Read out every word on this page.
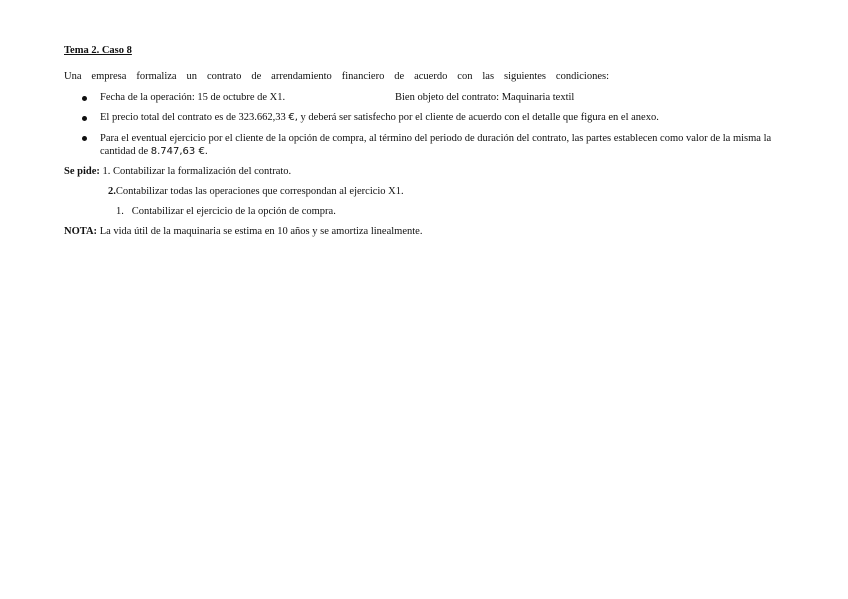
Tema 2. Caso 8
Una empresa formaliza un contrato de arrendamiento financiero de acuerdo con las siguientes condiciones:
Fecha de la operación: 15 de octubre de X1.	Bien objeto del contrato: Maquinaria textil
El precio total del contrato es de 323.662,33 €, y deberá ser satisfecho por el cliente de acuerdo con el detalle que figura en el anexo.
Para el eventual ejercicio por el cliente de la opción de compra, al término del periodo de duración del contrato, las partes establecen como valor de la misma la cantidad de 8.747,63 €.
Se pide: 1. Contabilizar la formalización del contrato.
2.Contabilizar todas las operaciones que correspondan al ejercicio X1.
1.   Contabilizar el ejercicio de la opción de compra.
NOTA: La vida útil de la maquinaria se estima en 10 años y se amortiza linealmente.
